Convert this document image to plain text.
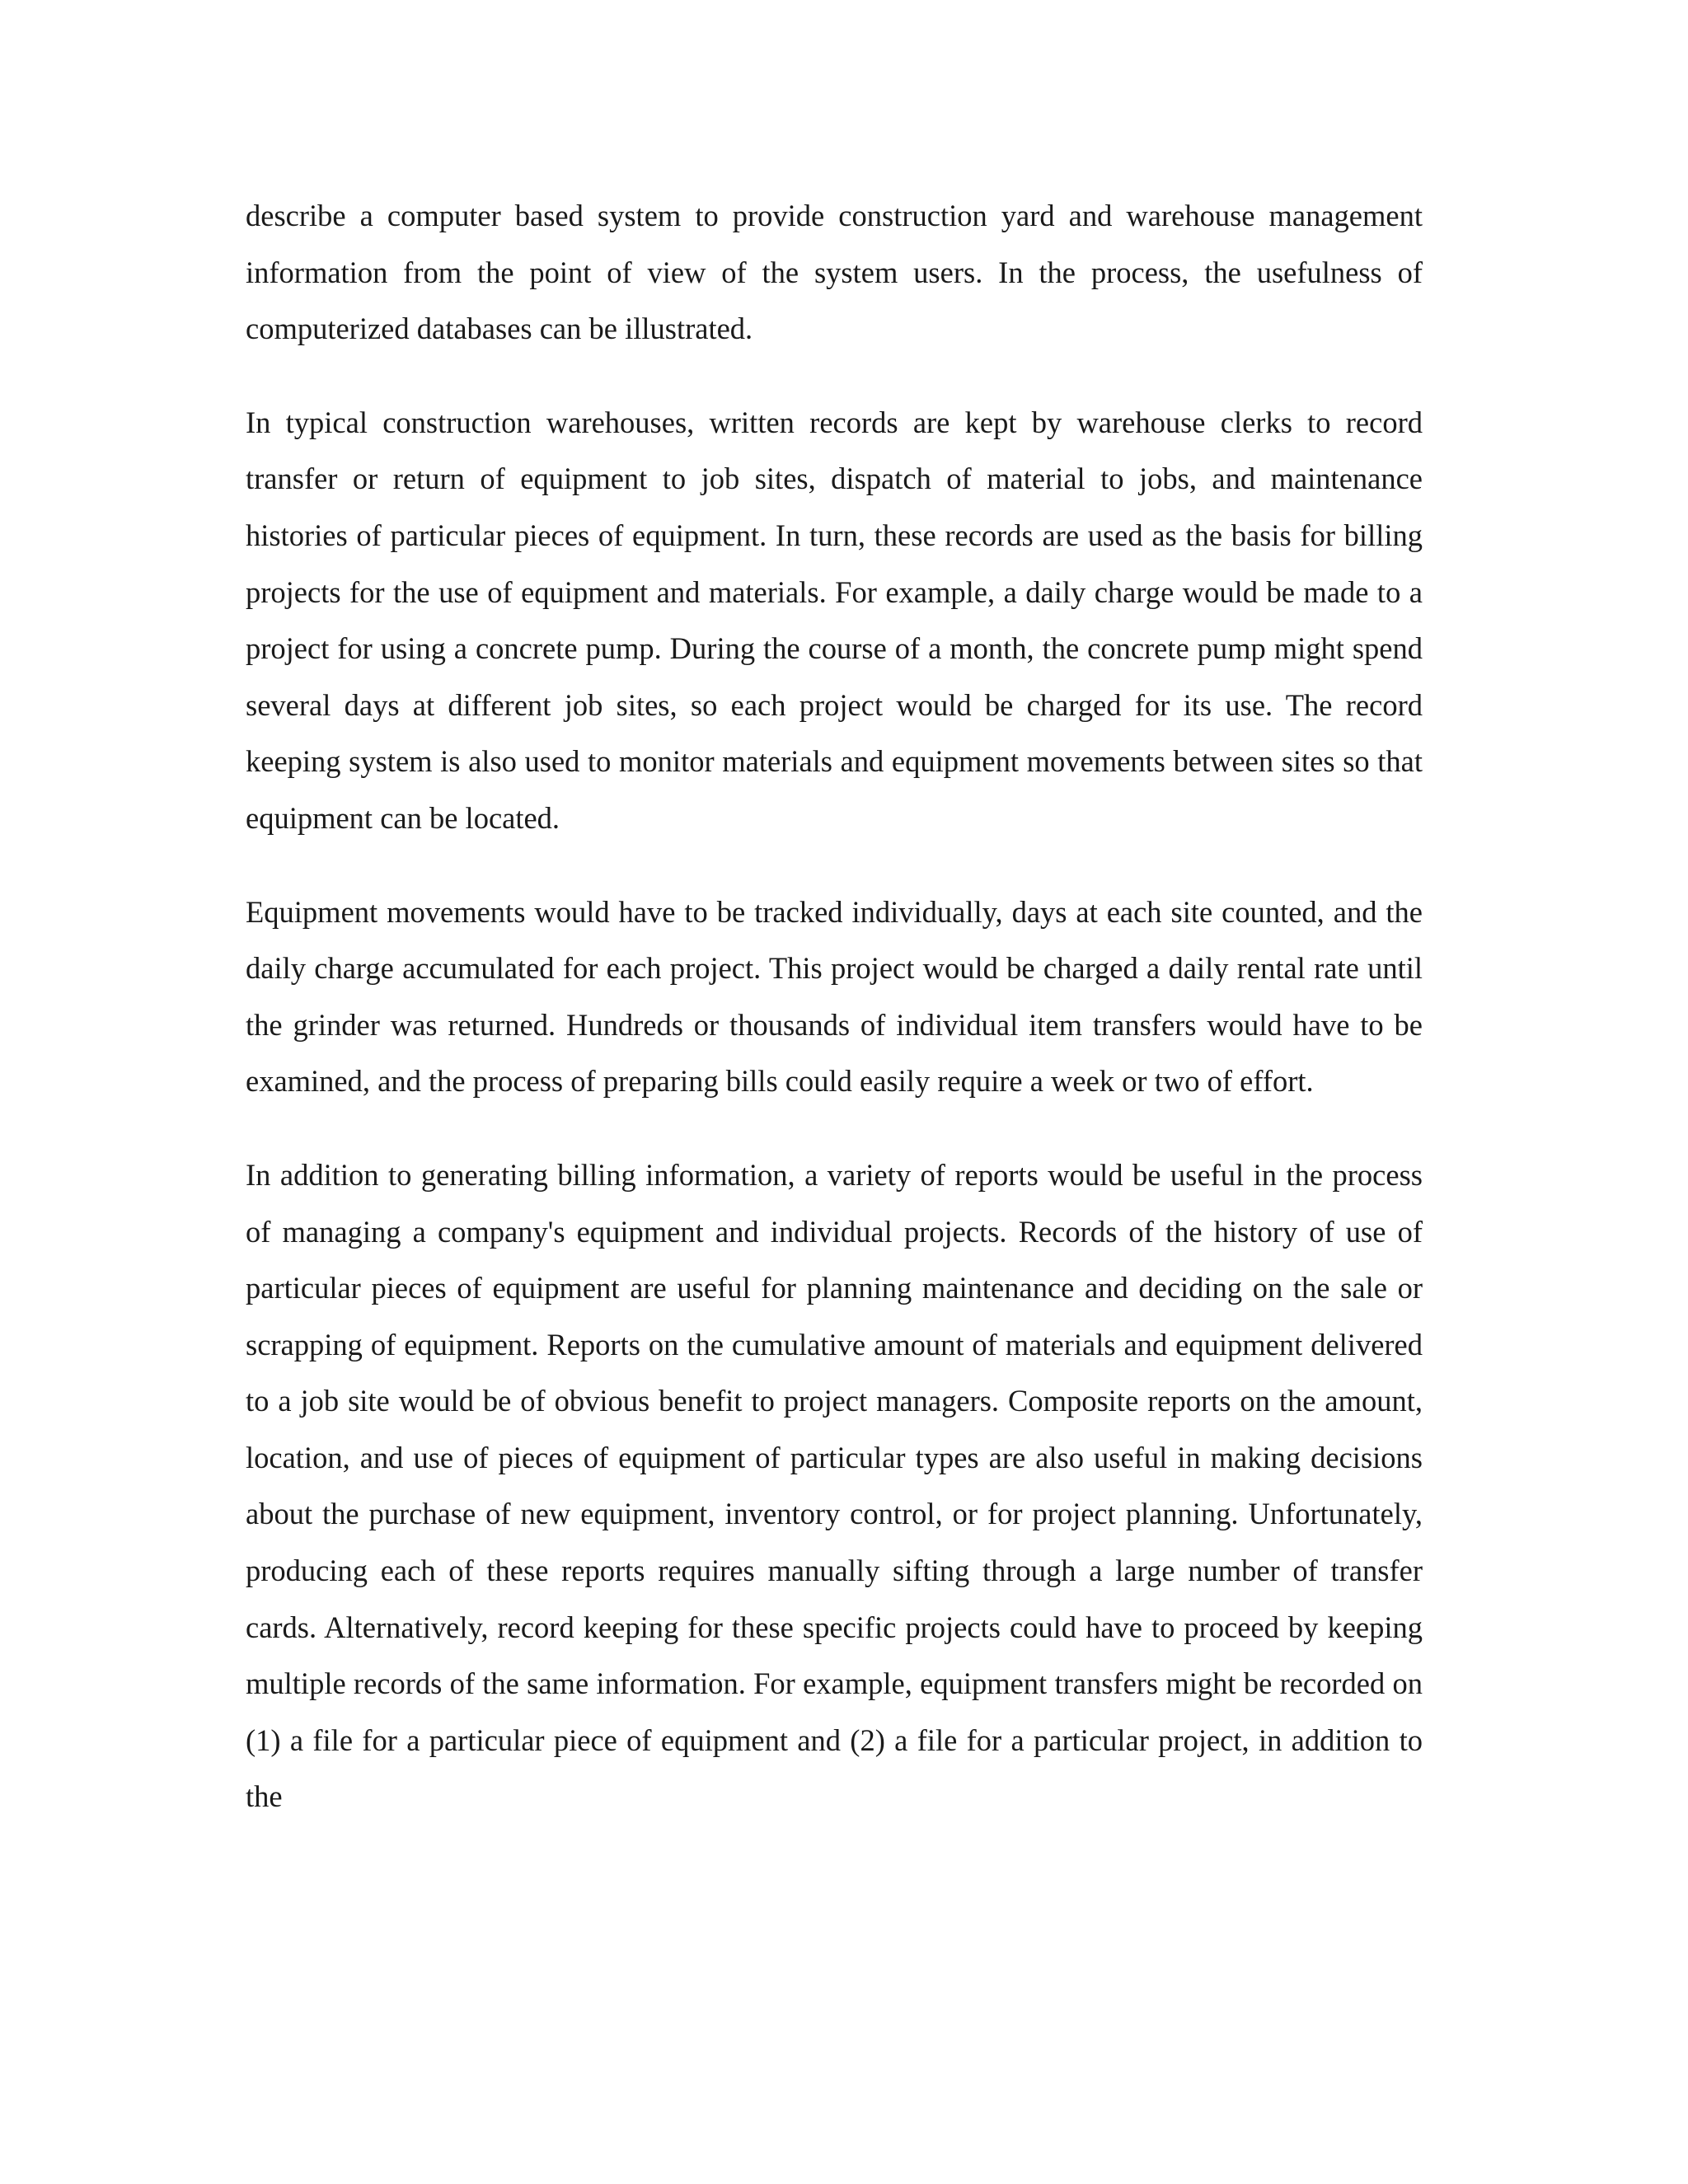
describe a computer based system to provide construction yard and warehouse management information from the point of view of the system users. In the process, the usefulness of computerized databases can be illustrated.

In typical construction warehouses, written records are kept by warehouse clerks to record transfer or return of equipment to job sites, dispatch of material to jobs, and maintenance histories of particular pieces of equipment. In turn, these records are used as the basis for billing projects for the use of equipment and materials. For example, a daily charge would be made to a project for using a concrete pump. During the course of a month, the concrete pump might spend several days at different job sites, so each project would be charged for its use. The record keeping system is also used to monitor materials and equipment movements between sites so that equipment can be located.

Equipment movements would have to be tracked individually, days at each site counted, and the daily charge accumulated for each project. This project would be charged a daily rental rate until the grinder was returned. Hundreds or thousands of individual item transfers would have to be examined, and the process of preparing bills could easily require a week or two of effort.

In addition to generating billing information, a variety of reports would be useful in the process of managing a company's equipment and individual projects. Records of the history of use of particular pieces of equipment are useful for planning maintenance and deciding on the sale or scrapping of equipment. Reports on the cumulative amount of materials and equipment delivered to a job site would be of obvious benefit to project managers. Composite reports on the amount, location, and use of pieces of equipment of particular types are also useful in making decisions about the purchase of new equipment, inventory control, or for project planning. Unfortunately, producing each of these reports requires manually sifting through a large number of transfer cards. Alternatively, record keeping for these specific projects could have to proceed by keeping multiple records of the same information. For example, equipment transfers might be recorded on (1) a file for a particular piece of equipment and (2) a file for a particular project, in addition to the
